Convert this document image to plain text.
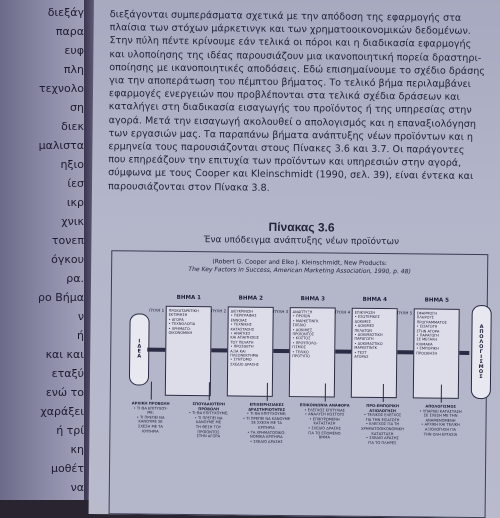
διεξάγ
παρα
ευφ
πλη
τεχνολο
ση
διεκ
μαλιστα
ηξιο
ίεσ
ικρ
χνικ
τονεπ
όγκου
ρα.
ρο Βήμα
ν
ή
και και
εταξύ
ενώ το
χαράξει
ή τρί
κη
μοθέτ
να
διεξάγονται συμπεράσματα σχετικά με την απόδοση της εφαρμογής στα
πλαίσια των στόχων μάρκετινγκ και των χρηματοοικονομικών δεδομένων.
Στην πύλη πέντε κρίνουμε εάν τελικά οι πόροι και η διαδικασία εφαρμογής
και υλοποίησης της ιδέας παρουσιάζουν μια ικανοποιητική πορεία δραστηρι-
οποίησης με ικανοποιητικές αποδόσεις. Εδώ επισημαίνουμε το σχέδιο δράσης
για την αποπεράτωση του πέμπτου βήματος. Το τελικό βήμα περιλαμβάνει
εφαρμογές ενεργειών που προβλέπονται στα τελικά σχέδια δράσεων και
καταλήγει στη διαδικασία εισαγωγής του προϊόντος ή της υπηρεσίας στην
αγορά. Μετά την εισαγωγή ακολουθεί ο απολογισμός και η επαναξιολόγηση
των εργασιών μας. Τα παραπάνω βήματα ανάπτυξης νέων προϊόντων και η
ερμηνεία τους παρουσιάζονται στους Πίνακες 3.6 και 3.7. Οι παράγοντες
που επηρεάζουν την επιτυχία των προϊόντων και υπηρεσιών στην αγορά,
σύμφωνα με τους Cooper και Kleinschmidt (1990, σελ. 39), είναι έντεκα και
παρουσιάζονται στον Πίνακα 3.8.
Πίνακας 3.6
Ένα υπόδειγμα ανάπτυξης νέων προϊόντων
(Robert G. Cooper and Elko J. Kleinschmidt, New Products:
The Key Factors in Success, American Marketing Association, 1990, p. 48)
Ι
Δ
Ε
Α
ΠΥΛΗ 1
ΒΗΜΑ 1
ΠΡΟΚΑΤΑΡΚΤΙΚΗ ΕΚΤΙΜΗΣΗ
• ΑΓΟΡΑ
• ΤΕΧΝΟΛΟΓΙΑ
• ΧΡΗΜΑΤΟ-
ΟΙΚΟΝΟΜΙΚΗ
ΠΥΛΗ 2
ΒΗΜΑ 2
ΔΙΕΥΚΡΙΝΙΣΗ
• ΠΕΡΙΓΡΑΦΗΣ
ΕΝΝΟΙΑΣ
• ΤΕΧΝΙΚΗΣ
ΚΑΤΑΣΤΑΣΗΣ
• ΑΝΑΓΚΕΣ
ΚΑΙ ΑΠΑΙΤΗΣΕΙΣ
ΤΟΥ ΠΕΛΑΤΗ
• ΠΡΟΣΘΕΤΗ
ΑΞΙΑ ΚΑΙ
ΠΛΕΟΝΕΚΤΗΜΑ
• ΣΥΝΤΟΜΟ
ΣΧΕΔΙΟ ΔΡΑΣΗΣ
ΠΥΛΗ 3
ΒΗΜΑ 3
ΑΝΑΠΤΥΞΗ
• ΠΡΟΪΟΝ
• ΜΑΡΚΕΤΙΝΓΚ
ΣΧΕΔΙΟ
• ΔΟΚΙΜΕΣ
ΠΡΟΪΟΝΤΟΣ
• ΚΟΣΤΟΣ
• ΠΡΟΫΠΟΛΟ-
ΓΙΣΜΟΣ
• ΤΕΛΙΚΟ
ΠΡΟΤΥΠΟ
ΠΥΛΗ 4
ΒΗΜΑ 4
ΕΠΙΚΥΡΩΣΗ
• ΕΣΩΤΕΡΙΚΕΣ
ΔΟΚΙΜΕΣ
• ΔΟΚΙΜΕΣ
ΠΕΛΑΤΩΝ
• ΔΟΚΙΜΑΣΤΙΚΗ
ΠΑΡΑΓΩΓΗ
• ΔΟΚΙΜΑΣΤΙΚΟ
ΜΑΡΚΕΤΙΝΓΚ
• ΤΕΣΤ
ΑΓΟΡΑΣ
ΠΥΛΗ 5
ΒΗΜΑ 5
ΕΦΑΡΜΟΓΗ
ΠΛΗΡΟΥΣ
ΠΡΟΓΡΑΜΜΑΤΟΣ
• ΕΙΣΑΓΩΓΗ
ΣΤΗΝ ΑΓΟΡΑ
• ΠΑΡΑΓΩΓΗ
ΣΕ ΜΕΓΑΛΗ
ΚΛΙΜΑΚΑ
• ΕΜΠΟΡΙΚΗ
ΠΡΟΩΘΗΣΗ
Α
Π
Ο
Λ
Ο
Γ
Ι
Σ
Μ
Ο
Σ
ΑΡΧΙΚΗ ΠΡΟΒΟΛΗ
• ΤΙ ΘΑ ΕΠΙΤΥΧΟΥ-
ΜΕ;
• ΤΙ ΠΡΕΠΕΙ ΝΑ
ΚΑΝΟΥΜΕ ΣΕ
ΣΧΕΣΗ ΜΕ ΤΑ
ΚΡΙΤΗΡΙΑ
ΣΠΟΥΔΑΙΟΤΕΡΗ ΠΡΟΒΟΛΗ
• ΤΙ ΘΑ ΕΠΙΤΥΧΟΥΜΕ;
• ΤΙ ΠΡΕΠΕΙ ΝΑ
ΚΑΝΟΥΜΕ ΜΕ
ΤΗ ΘΕΣΗ ΤΟΥ
ΠΡΟΪΟΝΤΟΣ
ΣΤΗΝ ΑΓΟΡΑ
ΕΠΙΧΕΙΡΗΣΙΑΚΕΣ ΔΡΑΣΤΗΡΙΟΤΗΤΕΣ
• ΤΙ ΘΑ ΕΠΙΤΥΧΟΥΜΕ;
• ΤΙ ΠΡΕΠΕΙ ΝΑ ΚΑΝΟΥΜΕ
ΣΕ ΣΧΕΣΗ ΜΕ ΤΑ
ΚΡΙΤΗΡΙΑ
• ΤΑ ΧΡΗΜΑΤΟΟΙΚΟ-
ΝΟΜΙΚΑ ΚΡΙΤΗΡΙΑ
• ΣΧΕΔΙΟ ΔΡΑΣΗΣ
ΕΠΙΚΟΙΝΩΝΙΑ ΑΝΑΦΟΡΑ
• ΕΛΕΓΧΟΣ ΕΠΙΤΥΧΙΑΣ
• ΑΝΑΛΥΣΗ ΚΟΣΤΟΥΣ
• ΕΠΙΚΥΡΩΜΕΝΗ
ΚΑΤΑΣΤΑΣΗ
• ΣΧΕΔΙΟ ΔΡΑΣΗΣ
ΓΙΑ ΤΟ ΕΠΟΜΕΝΟ
ΒΗΜΑ
ΠΡΟ-ΕΜΠΟΡΙΚΗ ΑΞΙΟΛΟΓΗΣΗ
• ΤΕΛΙΚΟΣ ΕΛΕΓΧΟΣ
ΓΙΑ ΤΗΝ ΕΙΣΑΓΩΓΗ
• ΕΛΕΓΧΟΣ ΓΙΑ ΤΗ
ΧΡΗΜΑΤΟΟΙΚΟΝΟΜΙΚΗ
ΚΑΤΑΣΤΑΣΗ
• ΣΧΕΔΙΟ ΔΡΑΣΗΣ
ΓΙΑ ΤΟ ΠΛΗΡΕΣ
ΑΠΟΛΟΓΙΣΜΟΣ
• ΥΠΑΡΧΕΙ ΚΑΤΑΣΤΑΣΗ
ΣΕ ΣΧΕΣΗ ΜΕ ΤΗΝ
ΑΝΑΜΕΝΟΜΕΝΗ
• ΑΡΧΙΚΗ ΚΑΙ ΤΕΛΙΚΗ
ΑΞΙΟΛΟΓΗΣΗ ΓΙΑ
ΤΗΝ ΟΛΗ ΕΡΓΑΣΙΑ
